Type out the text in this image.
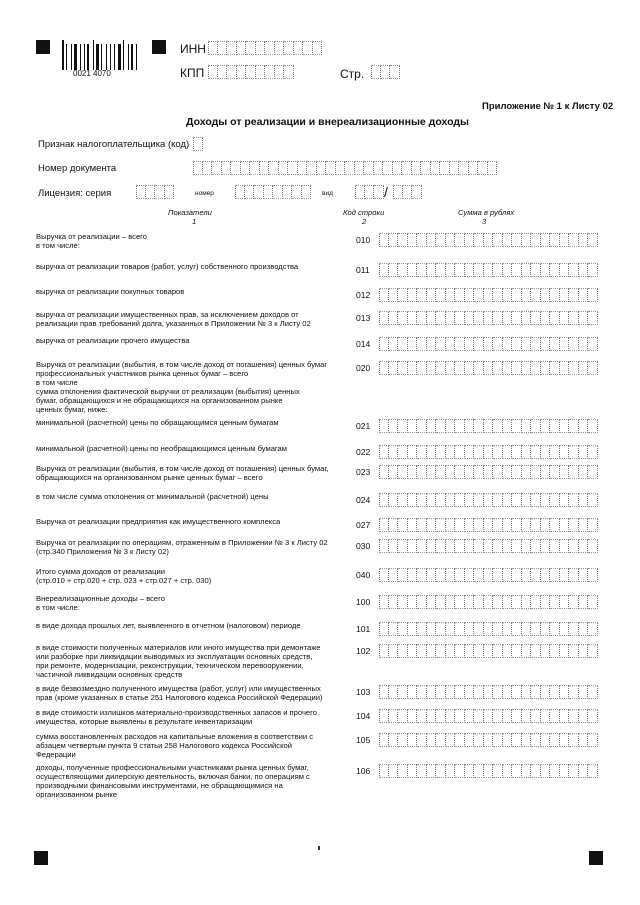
0021 4070
ИНН
КПП	Стр.
Приложение № 1 к Листу 02
Доходы от реализации и внереализационные доходы
Признак налогоплательщика (код)
Номер документа
Лицензия: серия	номер	вид	/
Показатели
1
Код строки
2
Сумма в рублях
3
Выручка от реализации – всего
в том числе:
010
выручка от реализации товаров (работ, услуг) собственного производства	011
выручка от реализации покупных товаров	012
выручка от реализации имущественных прав, за исключением доходов от
реализации прав требований долга, указанных в Приложении № 3 к Листу 02
013
выручка от реализации прочего имущества	014
Выручка от реализации (выбытия, в том числе доход от погашения) ценных бумаг
профессиональных участников рынка ценных бумаг – всего
в том числе
сумма отклонения фактической выручки от реализации (выбытия) ценных
бумаг, обращающихся и не обращающихся на организованном рынке
ценных бумаг, ниже:
020
минимальной (расчетной) цены по обращающимся ценным бумагам	021
минимальной (расчетной) цены по необращающимся ценным бумагам	022
Выручка от реализации (выбытия, в том числе доход от погашения) ценных бумаг,
обращающихся на организованном рынке ценных бумаг – всего
023
в том числе сумма отклонения от минимальной (расчетной) цены	024
Выручка от реализации предприятия как имущественного комплекса	027
Выручка от реализации по операциям, отраженным в Приложении № 3 к Листу 02
(стр.340 Приложения № 3 к Листу 02)
030
Итого сумма доходов от реализации
(стр.010 + стр.020 + стр. 023 + стр.027 + стр. 030)
040
Внереализационные доходы – всего
в том числе:
100
в виде дохода прошлых лет, выявленного в отчетном (налоговом) периоде	101
в виде стоимости полученных материалов или иного имущества при демонтаже
или разборке при ликвидации выводимых из эксплуатации основных средств,
при ремонте, модернизации, реконструкции, техническом перевооружении,
частичной ликвидации основных средств
102
в виде безвозмездно полученного имущества (работ, услуг) или имущественных
прав (кроме указанных в статье 251 Налогового кодекса Российской Федерации)
103
в виде стоимости излишков материально-производственных запасов и прочего
имущества, которые выявлены в результате инвентаризации
104
сумма восстановленных расходов на капитальные вложения в соответствии с
абзацем четвертым пункта 9 статьи 258 Налогового кодекса Российской
Федерации
105
доходы, полученные профессиональными участниками рынка ценных бумаг,
осуществляющими дилерскую деятельность, включая банки, по операциям с
производными финансовыми инструментами, не обращающимися на
организованном рынке
106
